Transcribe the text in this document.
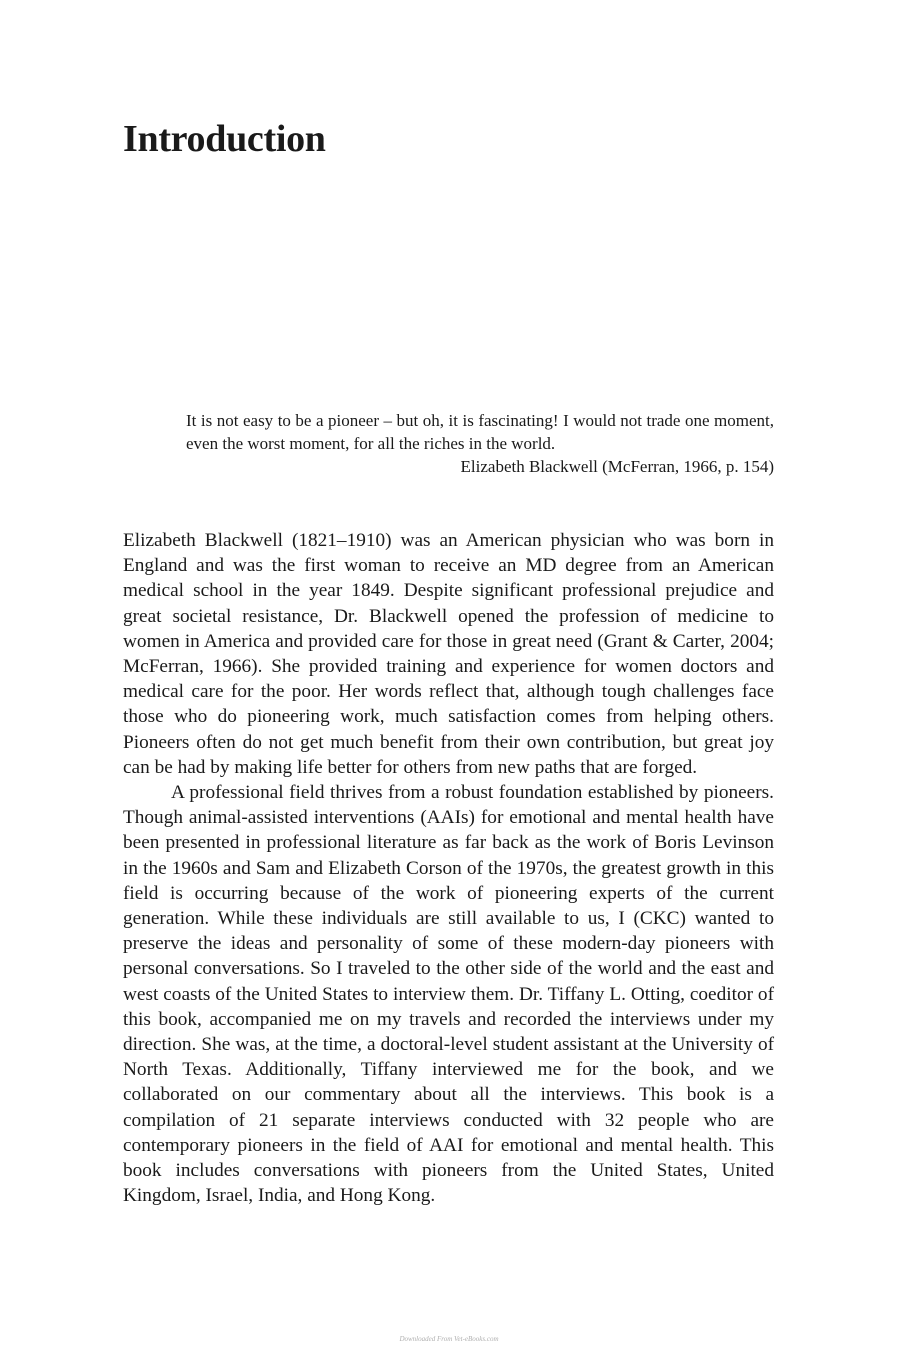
Introduction

It is not easy to be a pioneer – but oh, it is fascinating! I would not trade one moment, even the worst moment, for all the riches in the world.

Elizabeth Blackwell (McFerran, 1966, p. 154)

Elizabeth Blackwell (1821–1910) was an American physician who was born in England and was the first woman to receive an MD degree from an American medical school in the year 1849. Despite significant professional prejudice and great societal resistance, Dr. Blackwell opened the profession of medicine to women in America and provided care for those in great need (Grant & Carter, 2004; McFerran, 1966). She provided training and experience for women doctors and medical care for the poor. Her words reflect that, although tough challenges face those who do pioneering work, much satisfaction comes from helping others. Pioneers often do not get much benefit from their own contribution, but great joy can be had by making life better for others from new paths that are forged.

A professional field thrives from a robust foundation established by pioneers. Though animal-assisted interventions (AAIs) for emotional and mental health have been presented in professional literature as far back as the work of Boris Levinson in the 1960s and Sam and Elizabeth Corson of the 1970s, the greatest growth in this field is occurring because of the work of pioneering experts of the current generation. While these individuals are still available to us, I (CKC) wanted to preserve the ideas and personality of some of these modern-day pioneers with personal conversations. So I traveled to the other side of the world and the east and west coasts of the United States to interview them. Dr. Tiffany L. Otting, coeditor of this book, accompanied me on my travels and recorded the interviews under my direction. She was, at the time, a doctoral-level student assistant at the University of North Texas. Additionally, Tiffany interviewed me for the book, and we collaborated on our commentary about all the interviews. This book is a compilation of 21 separate interviews conducted with 32 people who are contemporary pioneers in the field of AAI for emotional and mental health. This book includes conversations with pioneers from the United States, United Kingdom, Israel, India, and Hong Kong.

Downloaded From Vet-eBooks.com
